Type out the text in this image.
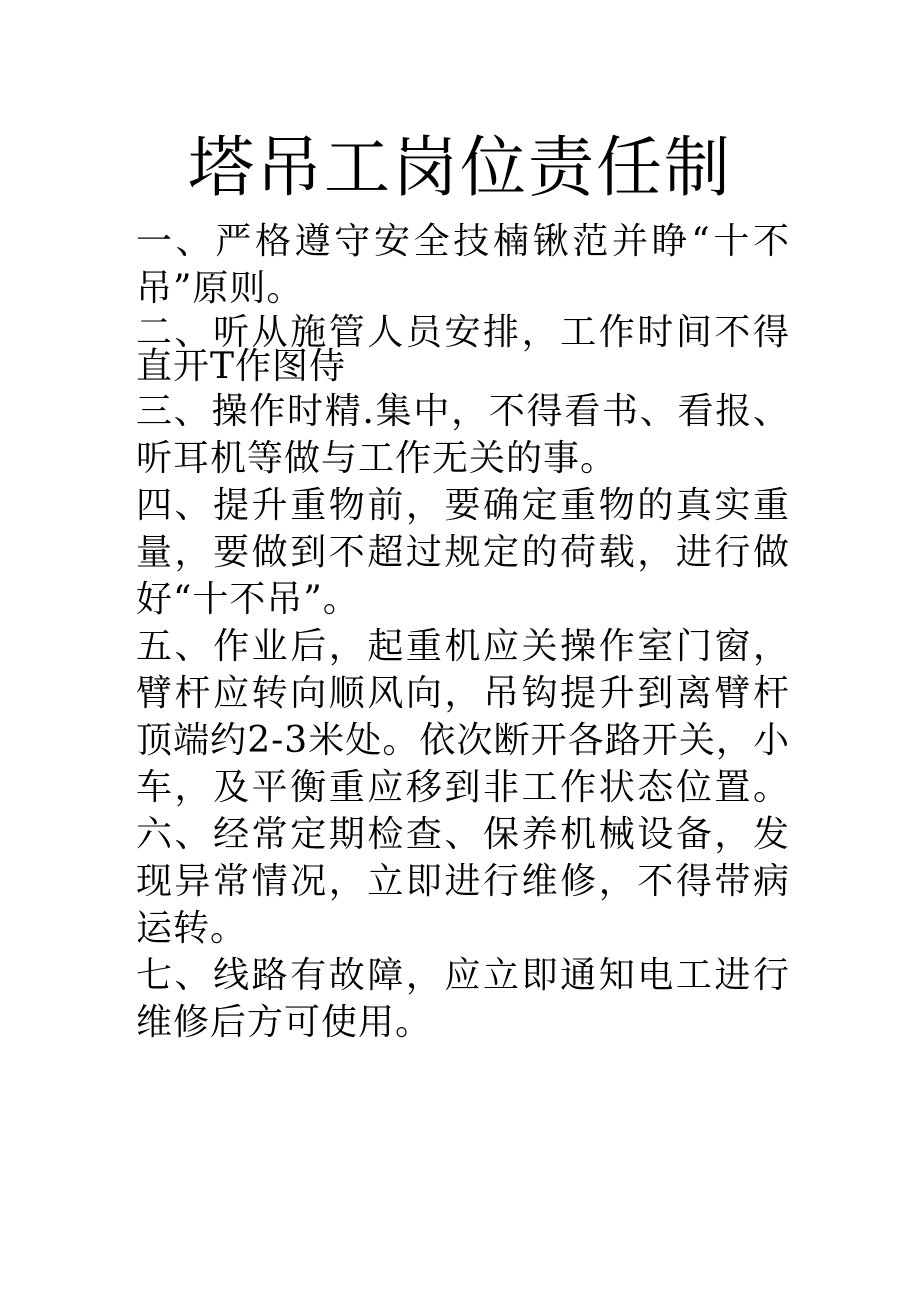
塔吊工岗位责任制

一、严格遵守安全技楠锹范并睁“十不吊”原则。

二、听从施管人员安排，工作时间不得直开T作图侍

三、操作时精.集中，不得看书、看报、听耳机等做与工作无关的事。

四、提升重物前，要确定重物的真实重量，要做到不超过规定的荷载，进行做好“十不吊”。

五、作业后，起重机应关操作室门窗，臂杆应转向顺风向，吊钩提升到离臂杆顶端约2-3米处。依次断开各路开关，小车，及平衡重应移到非工作状态位置。六、经常定期检查、保养机械设备，发现异常情况，立即进行维修，不得带病运转。

七、线路有故障，应立即通知电工进行维修后方可使用。
